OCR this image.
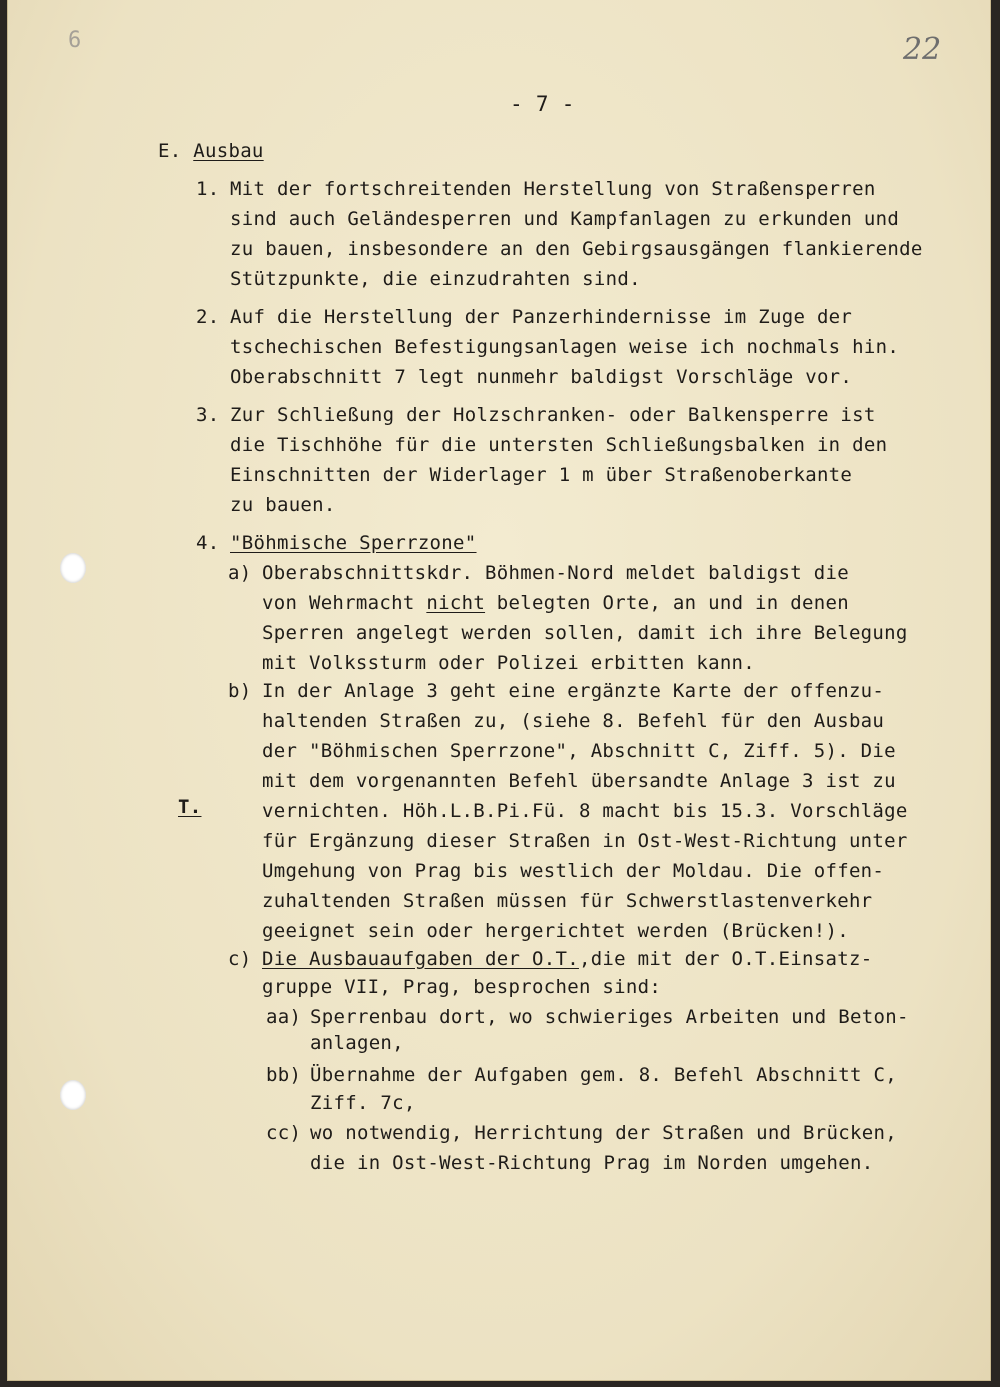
6	22
- 7 -
E. Ausbau
1. Mit der fortschreitenden Herstellung von Straßensperren
sind auch Geländesperren und Kampfanlagen zu erkunden und
zu bauen, insbesondere an den Gebirgsausgängen flankierende
Stützpunkte, die einzudrahten sind.
2. Auf die Herstellung der Panzerhindernisse im Zuge der
tschechischen Befestigungsanlagen weise ich nochmals hin.
Oberabschnitt 7 legt nunmehr baldigst Vorschläge vor.
3. Zur Schließung der Holzschranken- oder Balkensperre ist
die Tischhöhe für die untersten Schließungsbalken in den
Einschnitten der Widerlager 1 m über Straßenoberkante
zu bauen.
4. "Böhmische Sperrzone"
a) Oberabschnittskdr. Böhmen-Nord meldet baldigst die
von Wehrmacht nicht belegten Orte, an und in denen
Sperren angelegt werden sollen, damit ich ihre Belegung
mit Volkssturm oder Polizei erbitten kann.
b) In der Anlage 3 geht eine ergänzte Karte der offenzu-
haltenden Straßen zu, (siehe 8. Befehl für den Ausbau
der "Böhmischen Sperrzone", Abschnitt C, Ziff. 5). Die
mit dem vorgenannten Befehl übersandte Anlage 3 ist zu
T.	vernichten. Höh.L.B.Pi.Fü. 8 macht bis 15.3. Vorschläge
für Ergänzung dieser Straßen in Ost-West-Richtung unter
Umgehung von Prag bis westlich der Moldau. Die offen-
zuhaltenden Straßen müssen für Schwerstlastenverkehr
geeignet sein oder hergerichtet werden (Brücken!).
c) Die Ausbauaufgaben der O.T.,die mit der O.T.Einsatz-
gruppe VII, Prag, besprochen sind:
aa) Sperrenbau dort, wo schwieriges Arbeiten und Beton-
anlagen,
bb) Übernahme der Aufgaben gem. 8. Befehl Abschnitt C,
Ziff. 7c,
cc) wo notwendig, Herrichtung der Straßen und Brücken,
die in Ost-West-Richtung Prag im Norden umgehen.
